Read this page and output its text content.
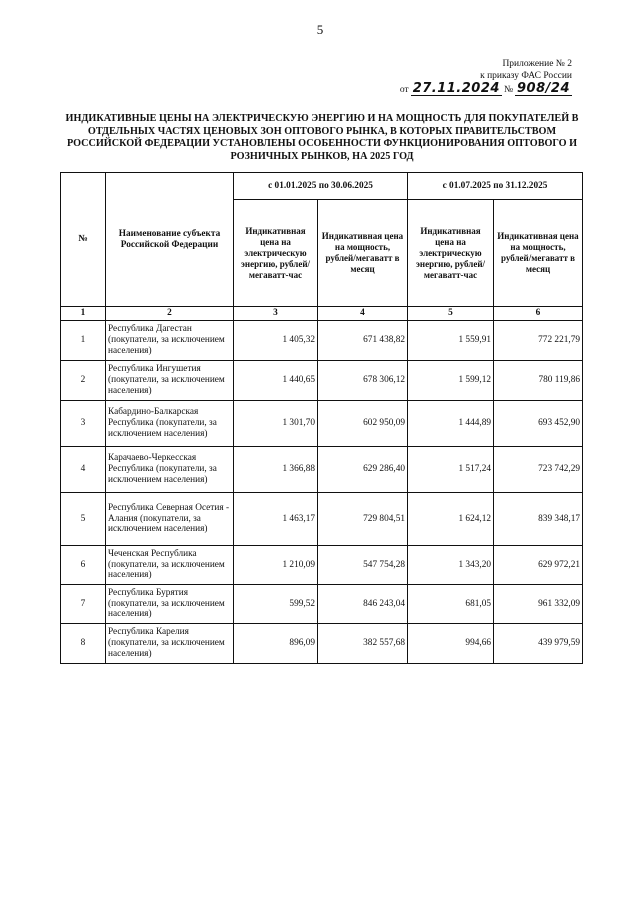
5
Приложение № 2
к приказу ФАС России
от 27.11.2024 № 908/24
ИНДИКАТИВНЫЕ ЦЕНЫ НА ЭЛЕКТРИЧЕСКУЮ ЭНЕРГИЮ И НА МОЩНОСТЬ ДЛЯ ПОКУПАТЕЛЕЙ В ОТДЕЛЬНЫХ ЧАСТЯХ ЦЕНОВЫХ ЗОН ОПТОВОГО РЫНКА, В КОТОРЫХ ПРАВИТЕЛЬСТВОМ РОССИЙСКОЙ ФЕДЕРАЦИИ УСТАНОВЛЕНЫ ОСОБЕННОСТИ ФУНКЦИОНИРОВАНИЯ ОПТОВОГО И РОЗНИЧНЫХ РЫНКОВ, НА 2025 ГОД
№	Наименование субъекта Российской Федерации	с 01.01.2025 по 30.06.2025		с 01.07.2025 по 31.12.2025	
		Индикативная цена на электрическую энергию, рублей/ мегаватт-час	Индикативная цена на мощность, рублей/мегаватт в месяц	Индикативная цена на электрическую энергию, рублей/ мегаватт-час	Индикативная цена на мощность, рублей/мегаватт в месяц
1	2	3	4	5	6
1	Республика Дагестан (покупатели, за исключением населения)	1 405,32	671 438,82	1 559,91	772 221,79
2	Республика Ингушетия (покупатели, за исключением населения)	1 440,65	678 306,12	1 599,12	780 119,86
3	Кабардино-Балкарская Республика (покупатели, за исключением населения)	1 301,70	602 950,09	1 444,89	693 452,90
4	Карачаево-Черкесская Республика (покупатели, за исключением населения)	1 366,88	629 286,40	1 517,24	723 742,29
5	Республика Северная Осетия - Алания (покупатели, за исключением населения)	1 463,17	729 804,51	1 624,12	839 348,17
6	Чеченская Республика (покупатели, за исключением населения)	1 210,09	547 754,28	1 343,20	629 972,21
7	Республика Бурятия (покупатели, за исключением населения)	599,52	846 243,04	681,05	961 332,09
8	Республика Карелия (покупатели, за исключением населения)	896,09	382 557,68	994,66	439 979,59
